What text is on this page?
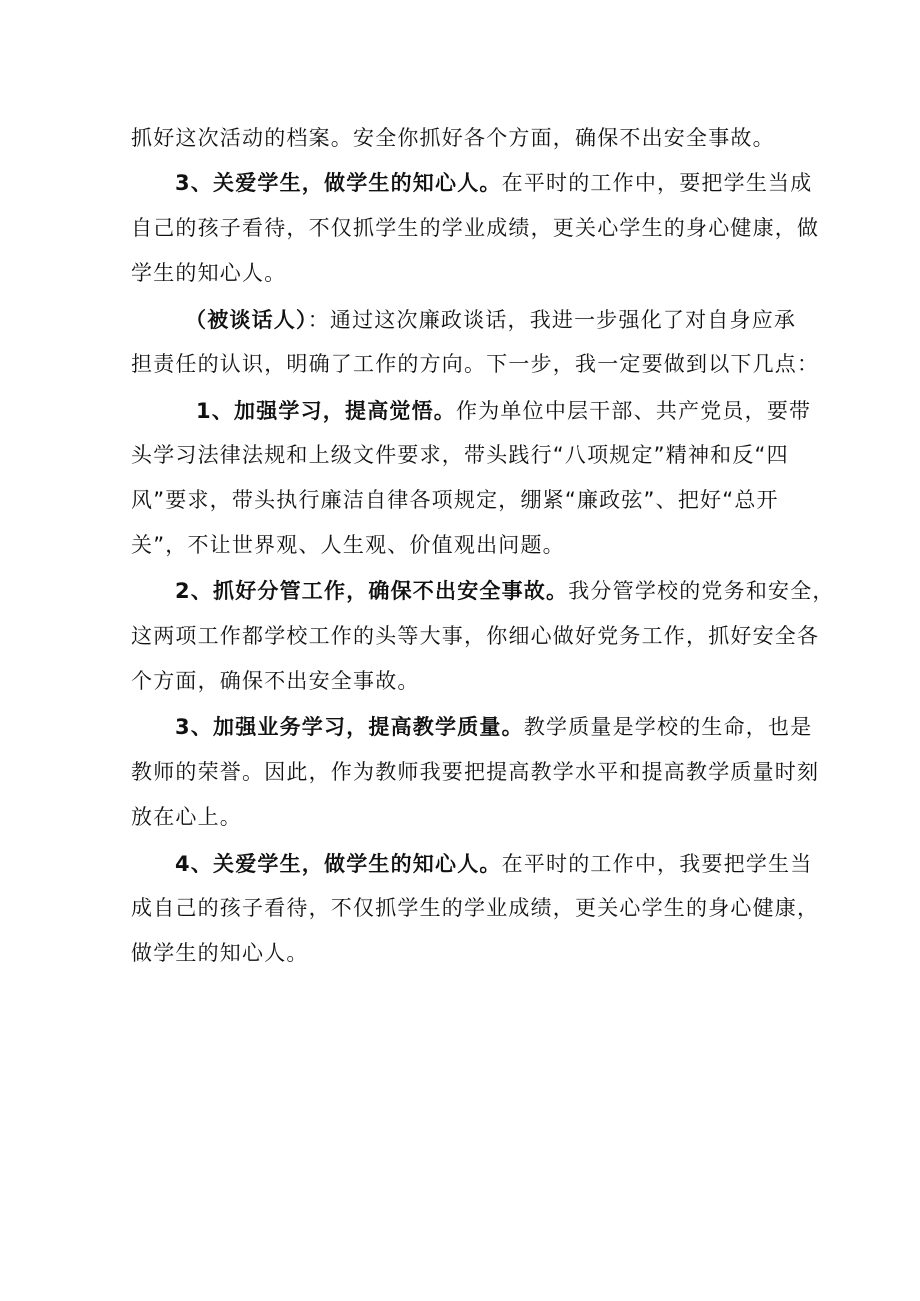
抓好这次活动的档案。安全你抓好各个方面，确保不出安全事故。
3、关爱学生，做学生的知心人。在平时的工作中，要把学生当成
自己的孩子看待，不仅抓学生的学业成绩，更关心学生的身心健康，做
学生的知心人。
（被谈话人）：通过这次廉政谈话，我进一步强化了对自身应承
担责任的认识，明确了工作的方向。下一步，我一定要做到以下几点：
1、加强学习，提高觉悟。作为单位中层干部、共产党员，要带
头学习法律法规和上级文件要求，带头践行“八项规定”精神和反“四
风”要求，带头执行廉洁自律各项规定，绷紧“廉政弦”、把好“总开
关”，不让世界观、人生观、价值观出问题。
2、抓好分管工作，确保不出安全事故。我分管学校的党务和安全，
这两项工作都学校工作的头等大事，你细心做好党务工作，抓好安全各
个方面，确保不出安全事故。
3、加强业务学习，提高教学质量。教学质量是学校的生命，也是
教师的荣誉。因此，作为教师我要把提高教学水平和提高教学质量时刻
放在心上。
4、关爱学生，做学生的知心人。在平时的工作中，我要把学生当
成自己的孩子看待，不仅抓学生的学业成绩，更关心学生的身心健康，
做学生的知心人。
